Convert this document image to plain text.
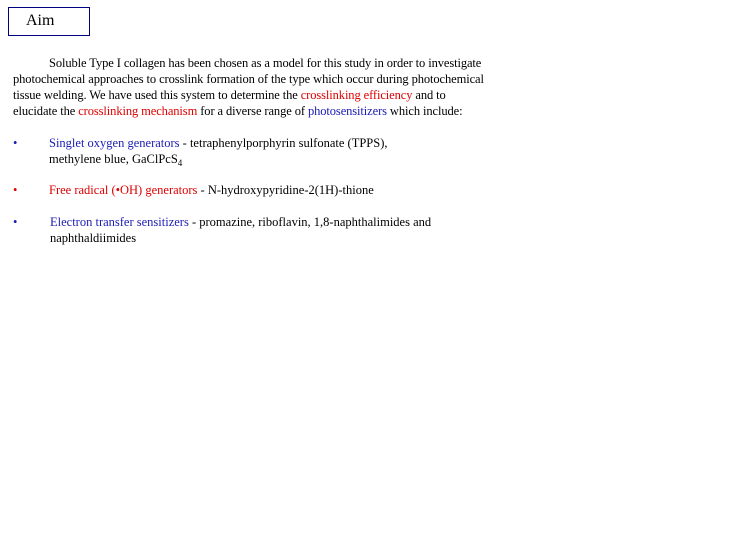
Aim
Soluble Type I collagen has been chosen as a model for this study in order to investigate
photochemical approaches to crosslink formation of the type which occur during photochemical
tissue welding. We have used this system to determine the crosslinking efficiency and to
elucidate the crosslinking mechanism for a diverse range of photosensitizers which include:
•	Singlet oxygen generators - tetraphenylporphyrin sulfonate (TPPS),
methylene blue, GaClPcS$_4$
•	Free radical (•OH) generators - N-hydroxypyridine-2(1H)-thione
•	Electron transfer sensitizers - promazine, riboflavin, 1,8-naphthalimides and
naphthaldiimides
